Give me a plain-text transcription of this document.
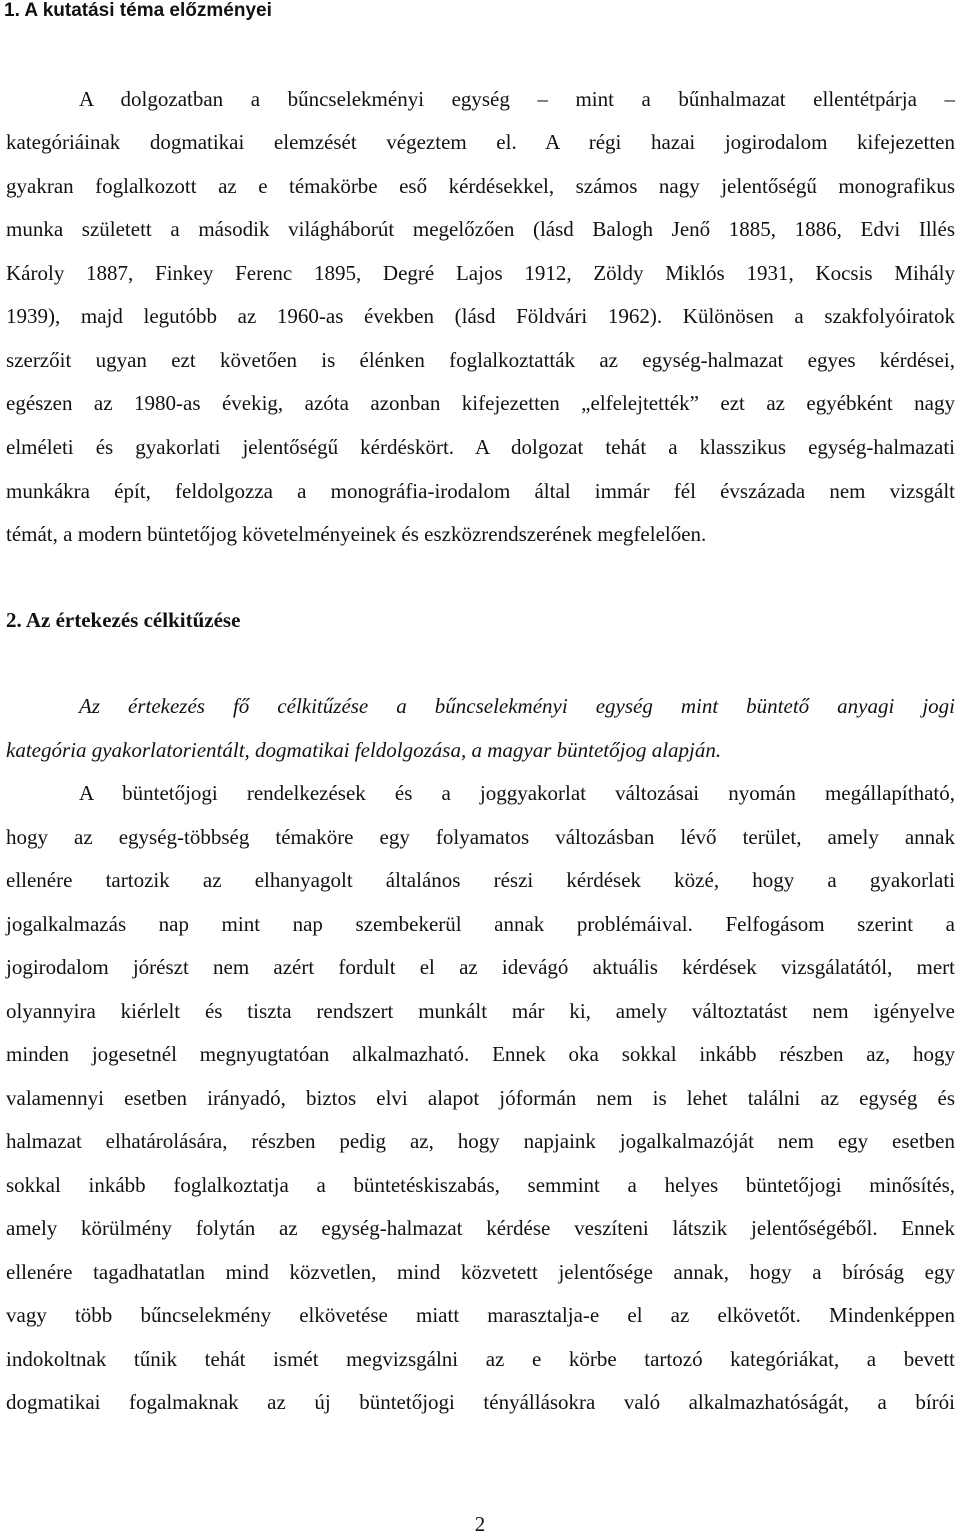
1. A kutatási téma előzményei
A dolgozatban a bűncselekményi egység – mint a bűnhalmazat ellentétpárja –
kategóriáinak dogmatikai elemzését végeztem el. A régi hazai jogirodalom kifejezetten
gyakran foglalkozott az e témakörbe eső kérdésekkel, számos nagy jelentőségű monografikus
munka született a második világháborút megelőzően (lásd Balogh Jenő 1885, 1886, Edvi Illés
Károly 1887, Finkey Ferenc 1895, Degré Lajos 1912, Zöldy Miklós 1931, Kocsis Mihály
1939), majd legutóbb az 1960-as években (lásd Földvári 1962). Különösen a szakfolyóiratok
szerzőit ugyan ezt követően is élénken foglalkoztatták az egység-halmazat egyes kérdései,
egészen az 1980-as évekig, azóta azonban kifejezetten „elfelejtették” ezt az egyébként nagy
elméleti és gyakorlati jelentőségű kérdéskört. A dolgozat tehát a klasszikus egység-halmazati
munkákra épít, feldolgozza a monográfia-irodalom által immár fél évszázada nem vizsgált
témát, a modern büntetőjog követelményeinek és eszközrendszerének megfelelően.
2. Az értekezés célkitűzése
Az értekezés fő célkitűzése a bűncselekményi egység mint büntető anyagi jogi
kategória gyakorlatorientált, dogmatikai feldolgozása, a magyar büntetőjog alapján.
A büntetőjogi rendelkezések és a joggyakorlat változásai nyomán megállapítható,
hogy az egység-többség témaköre egy folyamatos változásban lévő terület, amely annak
ellenére tartozik az elhanyagolt általános részi kérdések közé, hogy a gyakorlati
jogalkalmazás nap mint nap szembekerül annak problémáival. Felfogásom szerint a
jogirodalom jórészt nem azért fordult el az idevágó aktuális kérdések vizsgálatától, mert
olyannyira kiérlelt és tiszta rendszert munkált már ki, amely változtatást nem igényelve
minden jogesetnél megnyugtatóan alkalmazható. Ennek oka sokkal inkább részben az, hogy
valamennyi esetben irányadó, biztos elvi alapot jóformán nem is lehet találni az egység és
halmazat elhatárolására, részben pedig az, hogy napjaink jogalkalmazóját nem egy esetben
sokkal inkább foglalkoztatja a büntetéskiszabás, semmint a helyes büntetőjogi minősítés,
amely körülmény folytán az egység-halmazat kérdése veszíteni látszik jelentőségéből. Ennek
ellenére tagadhatatlan mind közvetlen, mind közvetett jelentősége annak, hogy a bíróság egy
vagy több bűncselekmény elkövetése miatt marasztalja-e el az elkövetőt. Mindenképpen
indokoltnak tűnik tehát ismét megvizsgálni az e körbe tartozó kategóriákat, a bevett
dogmatikai fogalmaknak az új büntetőjogi tényállásokra való alkalmazhatóságát, a bírói
2
